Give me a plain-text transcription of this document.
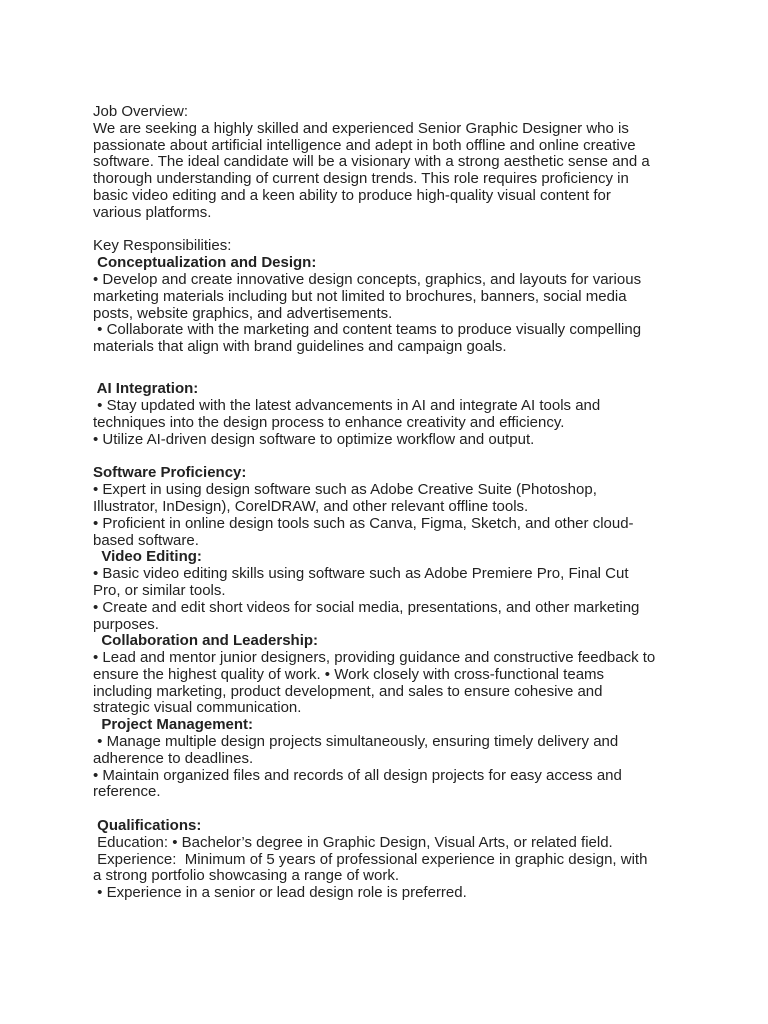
Job Overview:
We are seeking a highly skilled and experienced Senior Graphic Designer who is
passionate about artificial intelligence and adept in both offline and online creative
software. The ideal candidate will be a visionary with a strong aesthetic sense and a
thorough understanding of current design trends. This role requires proficiency in
basic video editing and a keen ability to produce high-quality visual content for
various platforms.
Key Responsibilities:
Conceptualization and Design:
• Develop and create innovative design concepts, graphics, and layouts for various
marketing materials including but not limited to brochures, banners, social media
posts, website graphics, and advertisements.
• Collaborate with the marketing and content teams to produce visually compelling
materials that align with brand guidelines and campaign goals.
AI Integration:
• Stay updated with the latest advancements in AI and integrate AI tools and
techniques into the design process to enhance creativity and efficiency.
• Utilize AI-driven design software to optimize workflow and output.
Software Proficiency:
• Expert in using design software such as Adobe Creative Suite (Photoshop,
Illustrator, InDesign), CorelDRAW, and other relevant offline tools.
• Proficient in online design tools such as Canva, Figma, Sketch, and other cloud-
based software.
Video Editing:
• Basic video editing skills using software such as Adobe Premiere Pro, Final Cut
Pro, or similar tools.
• Create and edit short videos for social media, presentations, and other marketing
purposes.
Collaboration and Leadership:
• Lead and mentor junior designers, providing guidance and constructive feedback to
ensure the highest quality of work. • Work closely with cross-functional teams
including marketing, product development, and sales to ensure cohesive and
strategic visual communication.
Project Management:
• Manage multiple design projects simultaneously, ensuring timely delivery and
adherence to deadlines.
• Maintain organized files and records of all design projects for easy access and
reference.
Qualifications:
Education: • Bachelor’s degree in Graphic Design, Visual Arts, or related field.
Experience:  Minimum of 5 years of professional experience in graphic design, with
a strong portfolio showcasing a range of work.
• Experience in a senior or lead design role is preferred.
